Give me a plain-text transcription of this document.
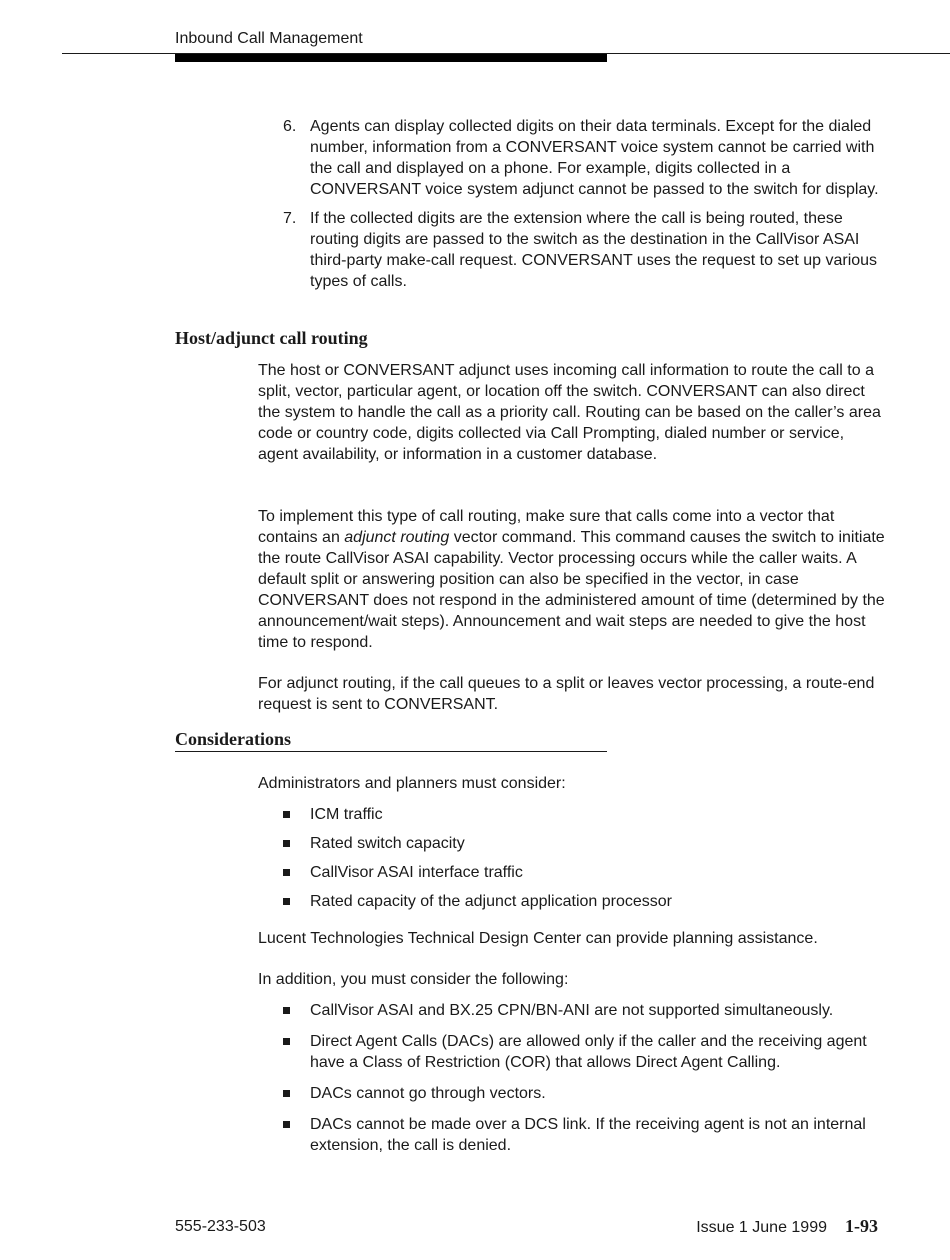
Inbound Call Management
6. Agents can display collected digits on their data terminals. Except for the dialed number, information from a CONVERSANT voice system cannot be carried with the call and displayed on a phone. For example, digits collected in a CONVERSANT voice system adjunct cannot be passed to the switch for display.
7. If the collected digits are the extension where the call is being routed, these routing digits are passed to the switch as the destination in the CallVisor ASAI third-party make-call request. CONVERSANT uses the request to set up various types of calls.
Host/adjunct call routing

The host or CONVERSANT adjunct uses incoming call information to route the call to a split, vector, particular agent, or location off the switch. CONVERSANT can also direct the system to handle the call as a priority call. Routing can be based on the caller’s area code or country code, digits collected via Call Prompting, dialed number or service, agent availability, or information in a customer database.

To implement this type of call routing, make sure that calls come into a vector that contains an adjunct routing vector command. This command causes the switch to initiate the route CallVisor ASAI capability. Vector processing occurs while the caller waits. A default split or answering position can also be specified in the vector, in case CONVERSANT does not respond in the administered amount of time (determined by the announcement/wait steps). Announcement and wait steps are needed to give the host time to respond.

For adjunct routing, if the call queues to a split or leaves vector processing, a route-end request is sent to CONVERSANT.

Considerations

Administrators and planners must consider:

ICM traffic
Rated switch capacity
CallVisor ASAI interface traffic
Rated capacity of the adjunct application processor

Lucent Technologies Technical Design Center can provide planning assistance.

In addition, you must consider the following:

CallVisor ASAI and BX.25 CPN/BN-ANI are not supported simultaneously.
Direct Agent Calls (DACs) are allowed only if the caller and the receiving agent have a Class of Restriction (COR) that allows Direct Agent Calling.
DACs cannot go through vectors.
DACs cannot be made over a DCS link. If the receiving agent is not an internal extension, the call is denied.
555-233-503	Issue 1 June 1999 1-93
